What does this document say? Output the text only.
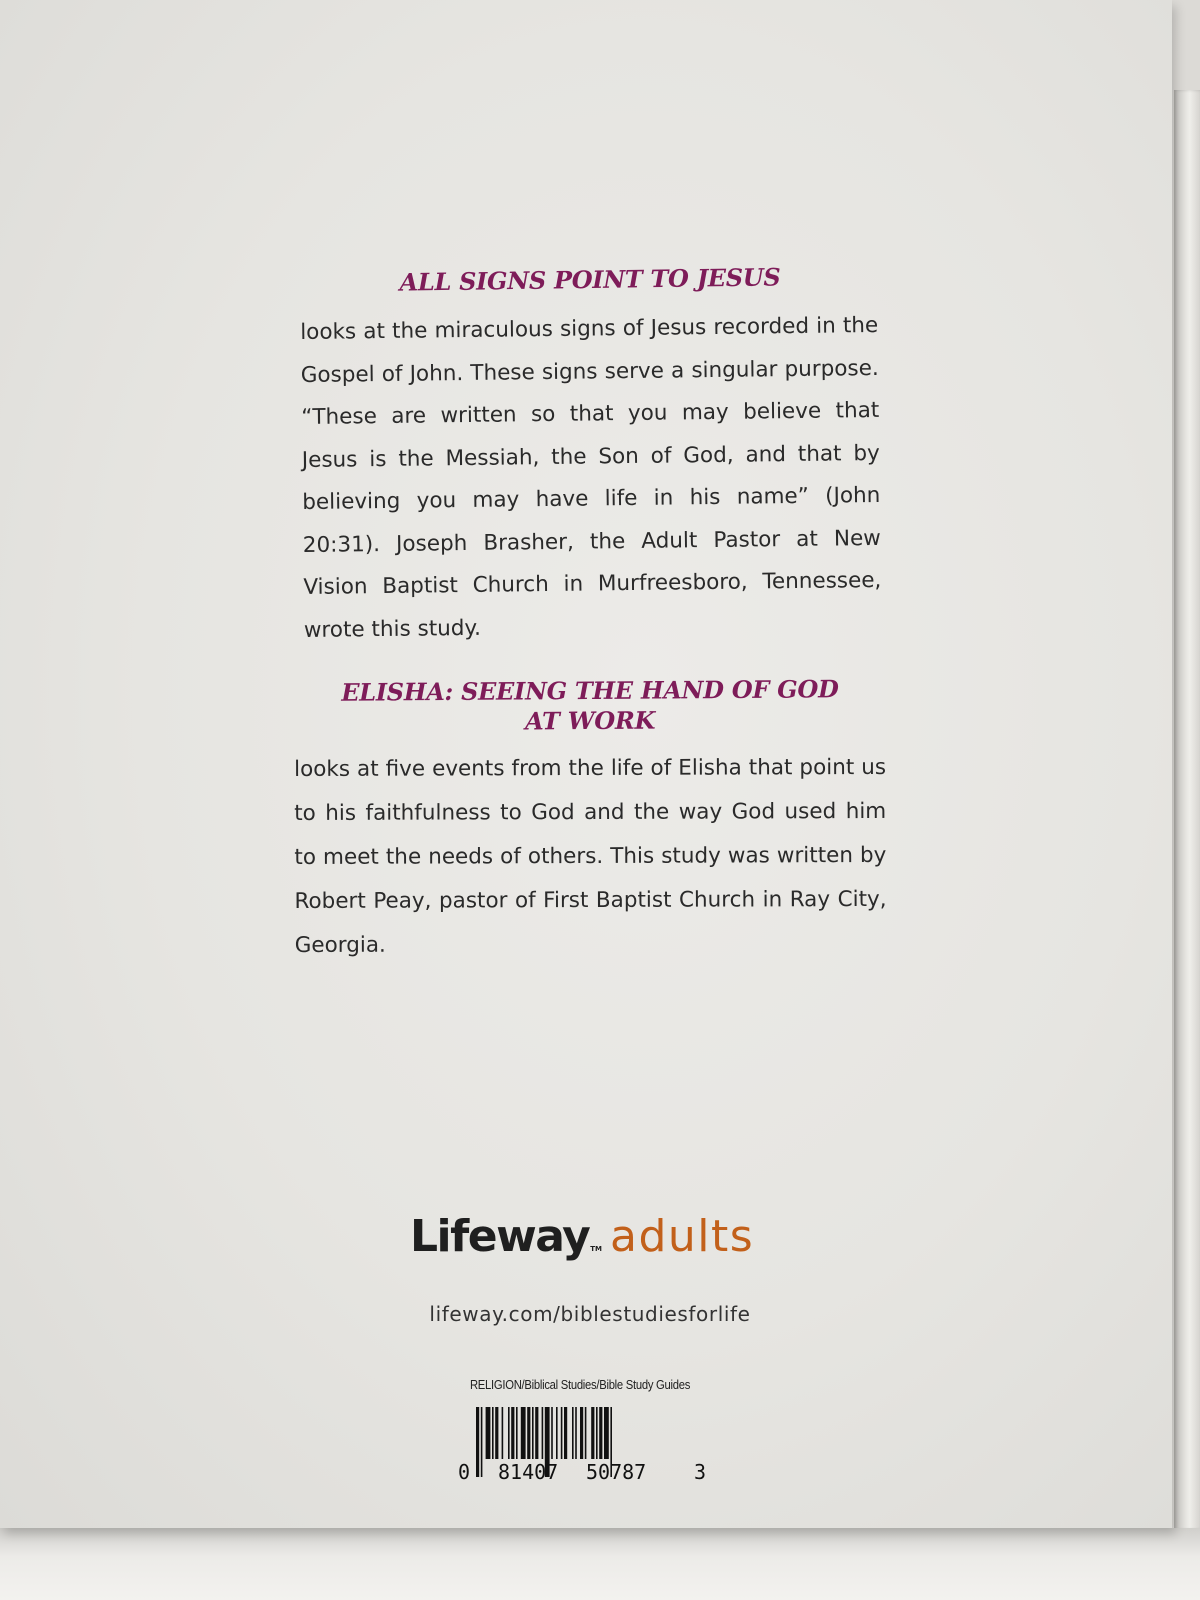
ALL SIGNS POINT TO JESUS

looks at the miraculous signs of Jesus recorded in the Gospel of John. These signs serve a singular purpose. “These are written so that you may believe that Jesus is the Messiah, the Son of God, and that by believing you may have life in his name” (John 20:31). Joseph Brasher, the Adult Pastor at New Vision Baptist Church in Murfreesboro, Tennessee, wrote this study.

ELISHA: SEEING THE HAND OF GOD AT WORK

looks at five events from the life of Elisha that point us to his faithfulness to God and the way God used him to meet the needs of others. This study was written by Robert Peay, pastor of First Baptist Church in Ray City, Georgia.

LifewayTM adults
lifeway.com/biblestudiesforlife
RELIGION/Biblical Studies/Bible Study Guides
0 81407 50787 3
